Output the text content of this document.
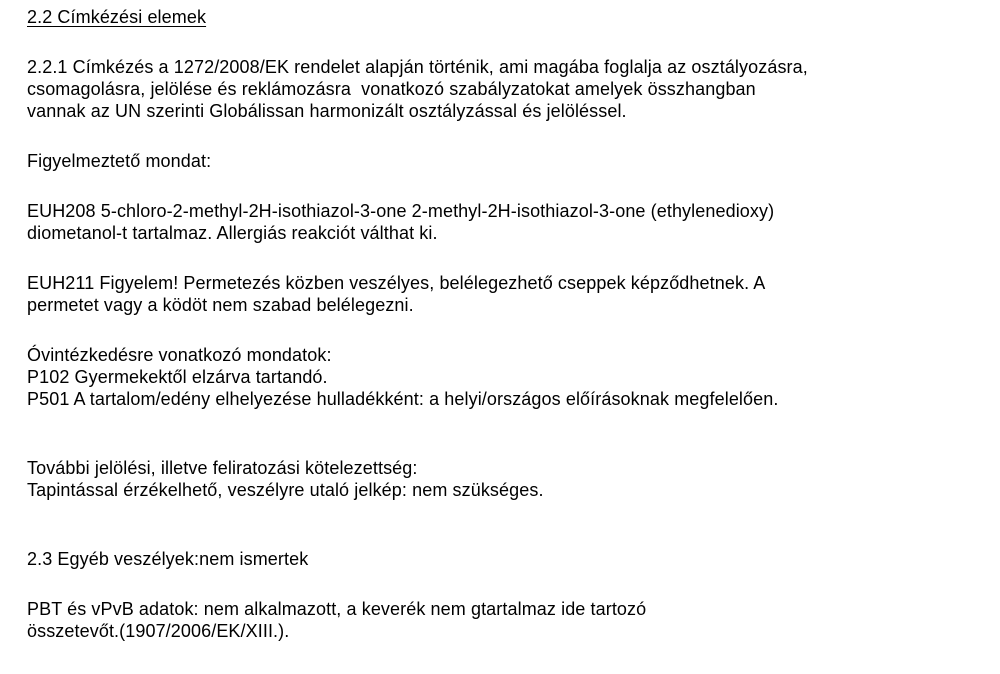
2.2 Címkézési elemek
2.2.1 Címkézés a 1272/2008/EK rendelet alapján történik, ami magába foglalja az osztályozásra,
csomagolásra, jelölése és reklámozásra  vonatkozó szabályzatokat amelyek összhangban
vannak az UN szerinti Globálissan harmonizált osztályzással és jelöléssel.
Figyelmeztető mondat:
EUH208 5-chloro-2-methyl-2H-isothiazol-3-one 2-methyl-2H-isothiazol-3-one (ethylenedioxy)
diometanol-t tartalmaz. Allergiás reakciót válthat ki.
EUH211 Figyelem! Permetezés közben veszélyes, belélegezhető cseppek képződhetnek. A
permetet vagy a ködöt nem szabad belélegezni.
Óvintézkedésre vonatkozó mondatok:
P102 Gyermekektől elzárva tartandó.
P501 A tartalom/edény elhelyezése hulladékként: a helyi/országos előírásoknak megfelelően.
További jelölési, illetve feliratozási kötelezettség:
Tapintással érzékelhető, veszélyre utaló jelkép: nem szükséges.
2.3 Egyéb veszélyek:nem ismertek
PBT és vPvB adatok: nem alkalmazott, a keverék nem gtartalmaz ide tartozó
összetevőt.(1907/2006/EK/XIII.).
